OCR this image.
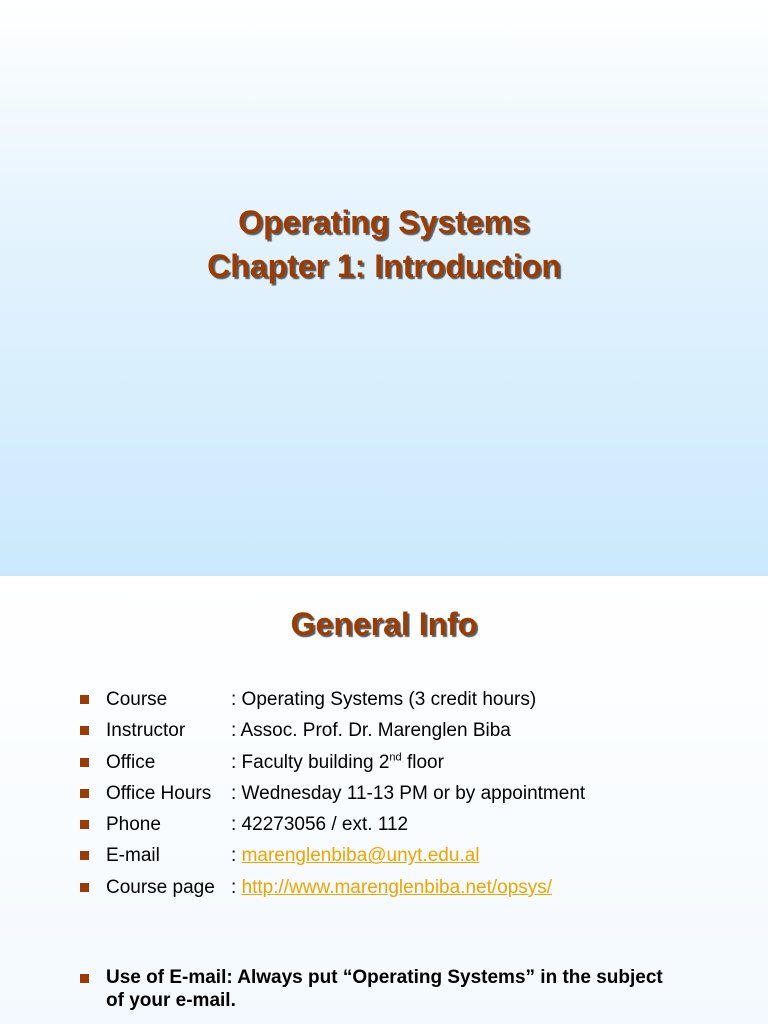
Operating Systems
Chapter 1: Introduction
General Info
Course	: Operating Systems (3 credit hours)
Instructor : Assoc. Prof. Dr. Marenglen Biba
Office	: Faculty building 2nd floor
Office Hours : Wednesday 11-13 PM or by appointment
Phone	: 42273056 / ext. 112
E-mail	: marenglenbiba@unyt.edu.al
Course page : http://www.marenglenbiba.net/opsys/
Use of E-mail: Always put “Operating Systems” in the subject
of your e-mail.
